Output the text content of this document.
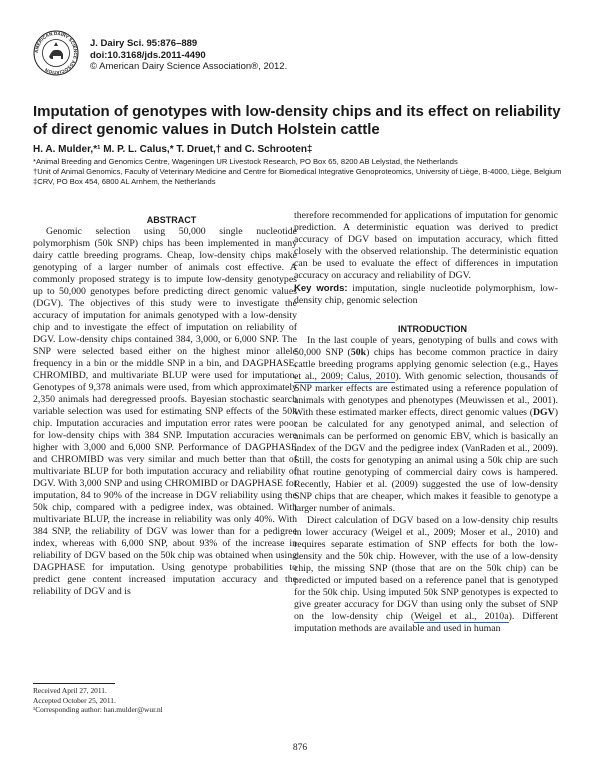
AMERICAN DAIRY SCIENCE ASSOCIATION
J. Dairy Sci. 95:876–889
doi:10.3168/jds.2011-4490
© American Dairy Science Association®, 2012.
Imputation of genotypes with low-density chips and its effect on reliability of direct genomic values in Dutch Holstein cattle
H. A. Mulder,*¹ M. P. L. Calus,* T. Druet,† and C. Schrooten‡
*Animal Breeding and Genomics Centre, Wageningen UR Livestock Research, PO Box 65, 8200 AB Lelystad, the Netherlands
†Unit of Animal Genomics, Faculty of Veterinary Medicine and Centre for Biomedical Integrative Genoproteomics, University of Liège, B-4000, Liège, Belgium
‡CRV, PO Box 454, 6800 AL Arnhem, the Netherlands

ABSTRACT

Genomic selection using 50,000 single nucleotide polymorphism (50k SNP) chips has been implemented in many dairy cattle breeding programs. Cheap, low-density chips make genotyping of a larger number of animals cost effective. A commonly proposed strategy is to impute low-density genotypes up to 50,000 genotypes before predicting direct genomic values (DGV). The objectives of this study were to investigate the accuracy of imputation for animals genotyped with a low-density chip and to investigate the effect of imputation on reliability of DGV. Low-density chips contained 384, 3,000, or 6,000 SNP. The SNP were selected based either on the highest minor allele frequency in a bin or the middle SNP in a bin, and DAGPHASE, CHROMIBD, and multivariate BLUP were used for imputation. Genotypes of 9,378 animals were used, from which approximately 2,350 animals had deregressed proofs. Bayesian stochastic search variable selection was used for estimating SNP effects of the 50k chip. Imputation accuracies and imputation error rates were poor for low-density chips with 384 SNP. Imputation accuracies were higher with 3,000 and 6,000 SNP. Performance of DAGPHASE and CHROMIBD was very similar and much better than that of multivariate BLUP for both imputation accuracy and reliability of DGV. With 3,000 SNP and using CHROMIBD or DAGPHASE for imputation, 84 to 90% of the increase in DGV reliability using the 50k chip, compared with a pedigree index, was obtained. With multivariate BLUP, the increase in reliability was only 40%. With 384 SNP, the reliability of DGV was lower than for a pedigree index, whereas with 6,000 SNP, about 93% of the increase in reliability of DGV based on the 50k chip was obtained when using DAGPHASE for imputation. Using genotype probabilities to predict gene content increased imputation accuracy and the reliability of DGV and is

therefore recommended for applications of imputation for genomic prediction. A deterministic equation was derived to predict accuracy of DGV based on imputation accuracy, which fitted closely with the observed relationship. The deterministic equation can be used to evaluate the effect of differences in imputation accuracy on accuracy and reliability of DGV.

Key words: imputation, single nucleotide polymorphism, low-density chip, genomic selection

INTRODUCTION

In the last couple of years, genotyping of bulls and cows with 50,000 SNP (50k) chips has become common practice in dairy cattle breeding programs applying genomic selection (e.g., Hayes et al., 2009; Calus, 2010). With genomic selection, thousands of SNP marker effects are estimated using a reference population of animals with genotypes and phenotypes (Meuwissen et al., 2001). With these estimated marker effects, direct genomic values (DGV) can be calculated for any genotyped animal, and selection of animals can be performed on genomic EBV, which is basically an index of the DGV and the pedigree index (VanRaden et al., 2009). Still, the costs for genotyping an animal using a 50k chip are such that routine genotyping of commercial dairy cows is hampered. Recently, Habier et al. (2009) suggested the use of low-density SNP chips that are cheaper, which makes it feasible to genotype a larger number of animals.

Direct calculation of DGV based on a low-density chip results in lower accuracy (Weigel et al., 2009; Moser et al., 2010) and requires separate estimation of SNP effects for both the low-density and the 50k chip. However, with the use of a low-density chip, the missing SNP (those that are on the 50k chip) can be predicted or imputed based on a reference panel that is genotyped for the 50k chip. Using imputed 50k SNP genotypes is expected to give greater accuracy for DGV than using only the subset of SNP on the low-density chip (Weigel et al., 2010a). Different imputation methods are available and used in human

Received April 27, 2011.
Accepted October 25, 2011.
¹Corresponding author: han.mulder@wur.nl
876
